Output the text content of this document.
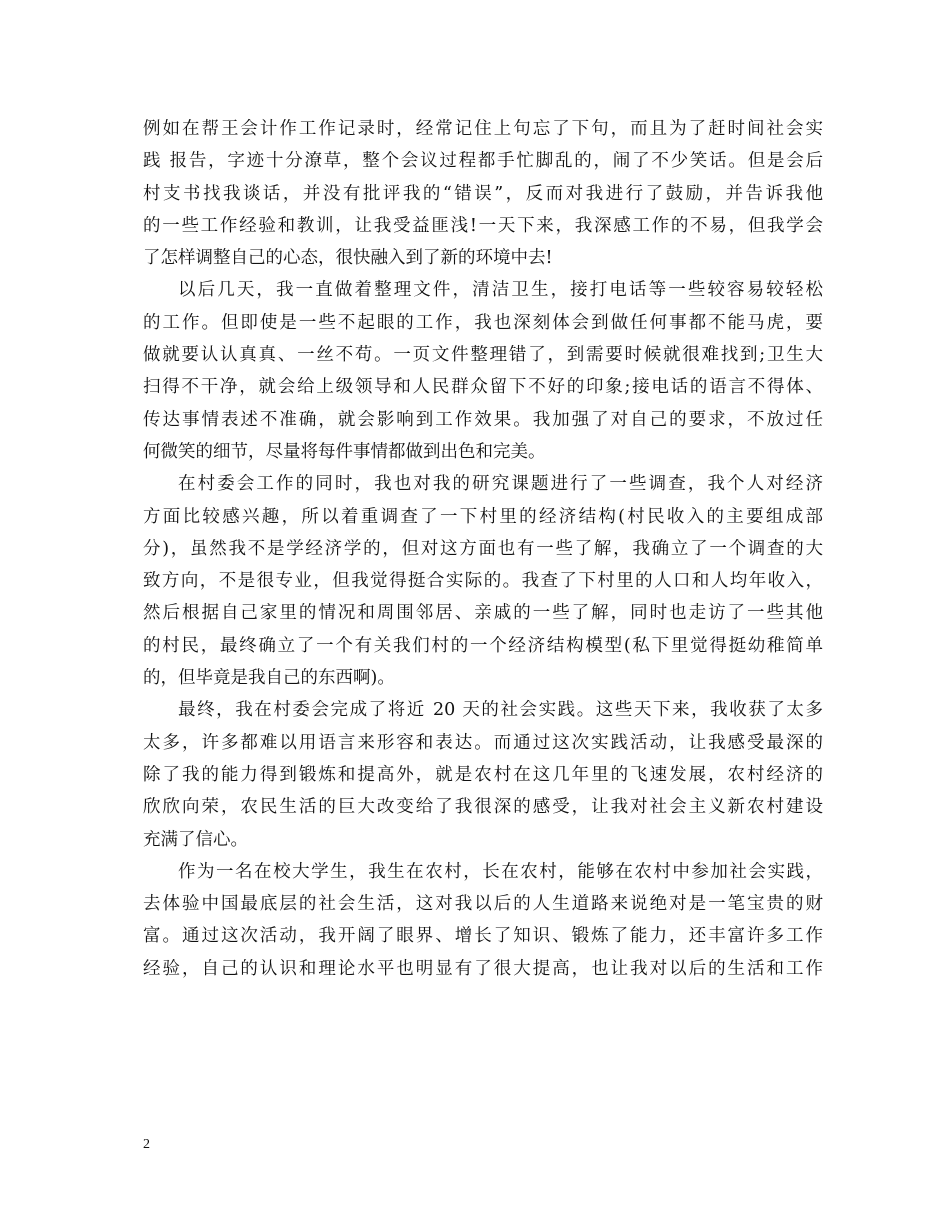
例如在帮王会计作工作记录时，经常记住上句忘了下句，而且为了赶时间社会实
践 报告，字迹十分潦草，整个会议过程都手忙脚乱的，闹了不少笑话。但是会后
村支书找我谈话，并没有批评我的“错误”，反而对我进行了鼓励，并告诉我他
的一些工作经验和教训，让我受益匪浅!一天下来，我深感工作的不易，但我学会
了怎样调整自己的心态，很快融入到了新的环境中去!
以后几天，我一直做着整理文件，清洁卫生，接打电话等一些较容易较轻松
的工作。但即使是一些不起眼的工作，我也深刻体会到做任何事都不能马虎，要
做就要认认真真、一丝不苟。一页文件整理错了，到需要时候就很难找到;卫生大
扫得不干净，就会给上级领导和人民群众留下不好的印象;接电话的语言不得体、
传达事情表述不准确，就会影响到工作效果。我加强了对自己的要求，不放过任
何微笑的细节，尽量将每件事情都做到出色和完美。
在村委会工作的同时，我也对我的研究课题进行了一些调查，我个人对经济
方面比较感兴趣，所以着重调查了一下村里的经济结构(村民收入的主要组成部
分)，虽然我不是学经济学的，但对这方面也有一些了解，我确立了一个调查的大
致方向，不是很专业，但我觉得挺合实际的。我查了下村里的人口和人均年收入，
然后根据自己家里的情况和周围邻居、亲戚的一些了解，同时也走访了一些其他
的村民，最终确立了一个有关我们村的一个经济结构模型(私下里觉得挺幼稚简单
的，但毕竟是我自己的东西啊)。
最终，我在村委会完成了将近 20 天的社会实践。这些天下来，我收获了太多
太多，许多都难以用语言来形容和表达。而通过这次实践活动，让我感受最深的
除了我的能力得到锻炼和提高外，就是农村在这几年里的飞速发展，农村经济的
欣欣向荣，农民生活的巨大改变给了我很深的感受，让我对社会主义新农村建设
充满了信心。
作为一名在校大学生，我生在农村，长在农村，能够在农村中参加社会实践，
去体验中国最底层的社会生活，这对我以后的人生道路来说绝对是一笔宝贵的财
富。通过这次活动，我开阔了眼界、增长了知识、锻炼了能力，还丰富许多工作
经验，自己的认识和理论水平也明显有了很大提高，也让我对以后的生活和工作
2
